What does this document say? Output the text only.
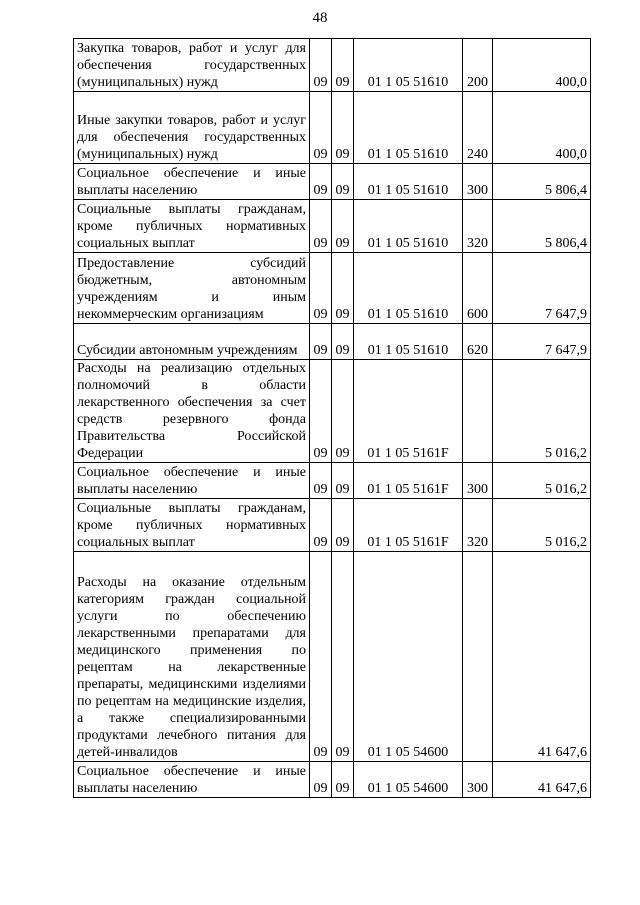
48
Закупка товаров, работ и услуг для обеспечения государственных (муниципальных) нужд	09	09	01 1 05 51610	200	400,0
Иные закупки товаров, работ и услуг для обеспечения государственных (муниципальных) нужд	09	09	01 1 05 51610	240	400,0
Социальное обеспечение и иные выплаты населению	09	09	01 1 05 51610	300	5 806,4
Социальные выплаты гражданам, кроме публичных нормативных социальных выплат	09	09	01 1 05 51610	320	5 806,4
Предоставление субсидий бюджетным, автономным учреждениям и иным некоммерческим организациям	09	09	01 1 05 51610	600	7 647,9
Субсидии автономным учреждениям	09	09	01 1 05 51610	620	7 647,9
Расходы на реализацию отдельных полномочий в области лекарственного обеспечения за счет средств резервного фонда Правительства Российской Федерации	09	09	01 1 05 5161F		5 016,2
Социальное обеспечение и иные выплаты населению	09	09	01 1 05 5161F	300	5 016,2
Социальные выплаты гражданам, кроме публичных нормативных социальных выплат	09	09	01 1 05 5161F	320	5 016,2
Расходы на оказание отдельным категориям граждан социальной услуги по обеспечению лекарственными препаратами для медицинского применения по рецептам на лекарственные препараты, медицинскими изделиями по рецептам на медицинские изделия, а также специализированными продуктами лечебного питания для детей-инвалидов	09	09	01 1 05 54600		41 647,6
Социальное обеспечение и иные выплаты населению	09	09	01 1 05 54600	300	41 647,6
